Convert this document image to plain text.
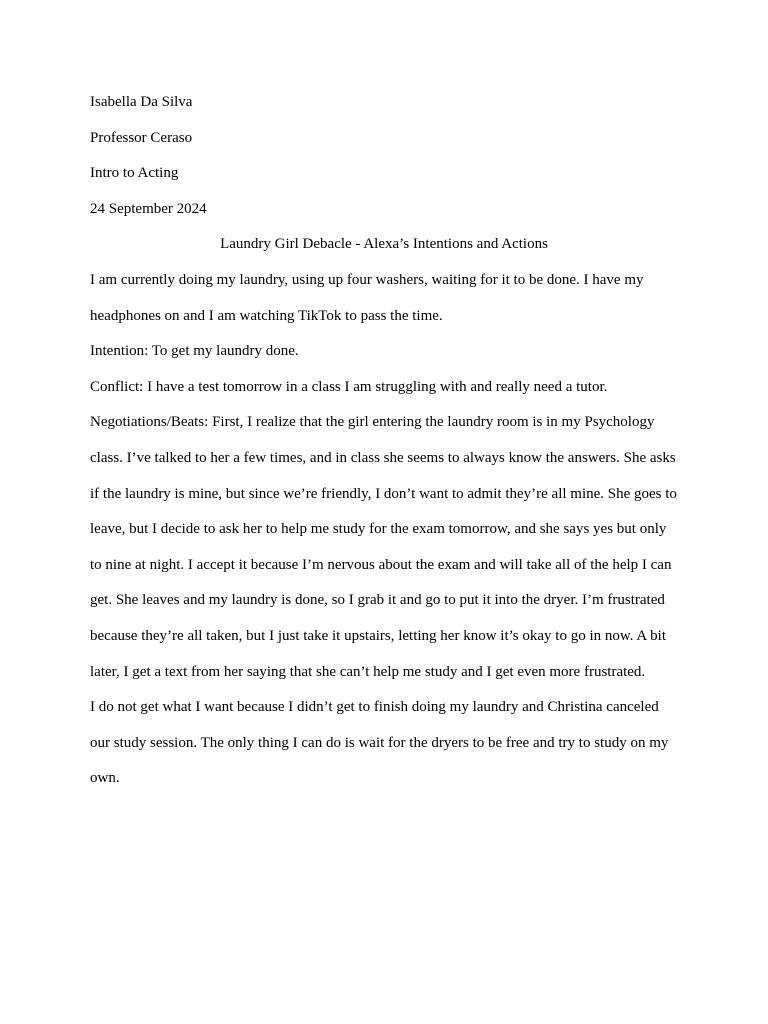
Isabella Da Silva

Professor Ceraso

Intro to Acting

24 September 2024

Laundry Girl Debacle - Alexa’s Intentions and Actions

I am currently doing my laundry, using up four washers, waiting for it to be done. I have my headphones on and I am watching TikTok to pass the time.

Intention: To get my laundry done.

Conflict: I have a test tomorrow in a class I am struggling with and really need a tutor.

Negotiations/Beats: First, I realize that the girl entering the laundry room is in my Psychology class. I’ve talked to her a few times, and in class she seems to always know the answers. She asks if the laundry is mine, but since we’re friendly, I don’t want to admit they’re all mine. She goes to leave, but I decide to ask her to help me study for the exam tomorrow, and she says yes but only to nine at night. I accept it because I’m nervous about the exam and will take all of the help I can get. She leaves and my laundry is done, so I grab it and go to put it into the dryer. I’m frustrated because they’re all taken, but I just take it upstairs, letting her know it’s okay to go in now. A bit later, I get a text from her saying that she can’t help me study and I get even more frustrated.

I do not get what I want because I didn’t get to finish doing my laundry and Christina canceled our study session. The only thing I can do is wait for the dryers to be free and try to study on my own.
